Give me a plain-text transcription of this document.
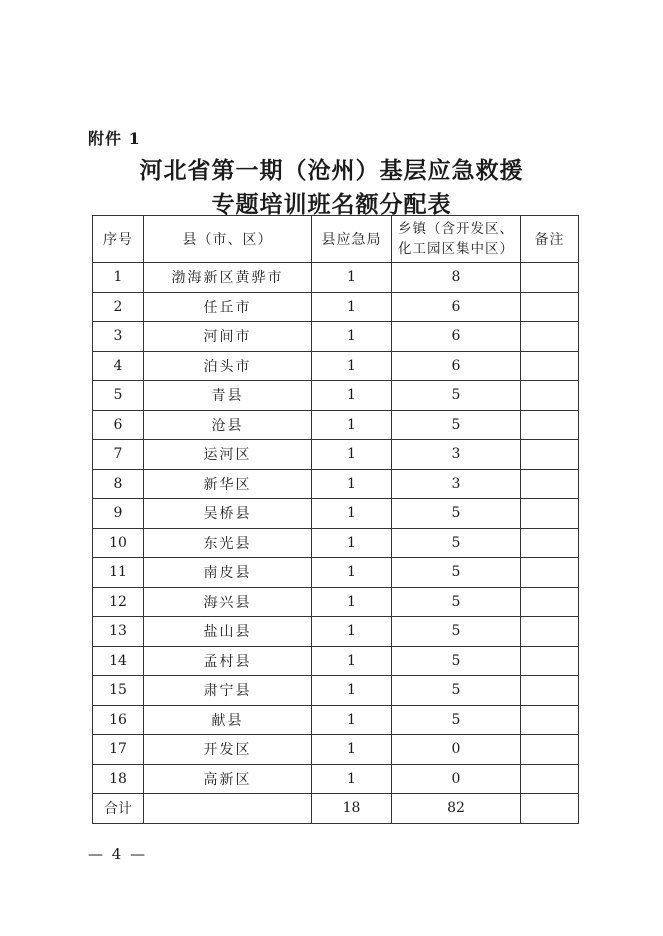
附件 1
河北省第一期（沧州）基层应急救援
专题培训班名额分配表
序号	县（市、区）	县应急局	乡镇（含开发区、化工园区集中区）	备注
1	渤海新区黄骅市	1	8	
2	任丘市	1	6	
3	河间市	1	6	
4	泊头市	1	6	
5	青县	1	5	
6	沧县	1	5	
7	运河区	1	3	
8	新华区	1	3	
9	吴桥县	1	5	
10	东光县	1	5	
11	南皮县	1	5	
12	海兴县	1	5	
13	盐山县	1	5	
14	孟村县	1	5	
15	肃宁县	1	5	
16	献县	1	5	
17	开发区	1	0	
18	高新区	1	0	
合计		18	82	
— 4 —
